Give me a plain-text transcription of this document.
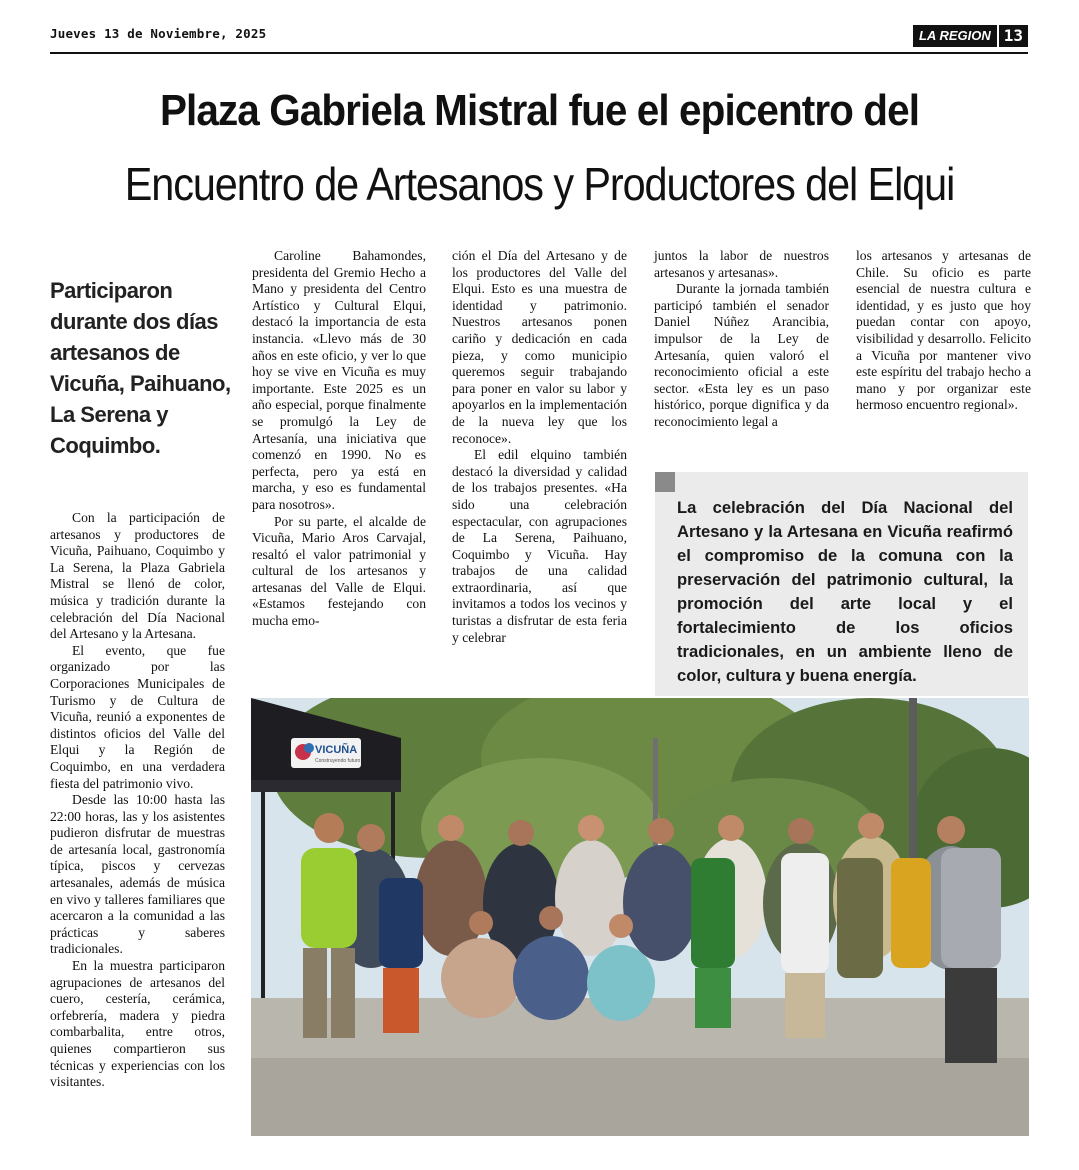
Jueves 13 de Noviembre, 2025	LA REGION 13
Plaza Gabriela Mistral fue el epicentro del
Encuentro de Artesanos y Productores del Elqui
Participaron durante dos días artesanos de Vicuña, Paihuano, La Serena y Coquimbo.

Con la participación de artesanos y productores de Vicuña, Paihuano, Coquimbo y La Serena, la Plaza Gabriela Mistral se llenó de color, música y tradición durante la celebración del Día Nacional del Artesano y la Artesana.

El evento, que fue organizado por las Corporaciones Municipales de Turismo y de Cultura de Vicuña, reunió a exponentes de distintos oficios del Valle del Elqui y la Región de Coquimbo, en una verdadera fiesta del patrimonio vivo.

Desde las 10:00 hasta las 22:00 horas, las y los asistentes pudieron disfrutar de muestras de artesanía local, gastronomía típica, piscos y cervezas artesanales, además de música en vivo y talleres familiares que acercaron a la comunidad a las prácticas y saberes tradicionales.

En la muestra participaron agrupaciones de artesanos del cuero, cestería, cerámica, orfebrería, madera y piedra combarbalita, entre otros, quienes compartieron sus técnicas y experiencias con los visitantes.

Caroline Bahamondes, presidenta del Gremio Hecho a Mano y presidenta del Centro Artístico y Cultural Elqui, destacó la importancia de esta instancia. «Llevo más de 30 años en este oficio, y ver lo que hoy se vive en Vicuña es muy importante. Este 2025 es un año especial, porque finalmente se promulgó la Ley de Artesanía, una iniciativa que comenzó en 1990. No es perfecta, pero ya está en marcha, y eso es fundamental para nosotros».

Por su parte, el alcalde de Vicuña, Mario Aros Carvajal, resaltó el valor patrimonial y cultural de los artesanos y artesanas del Valle de Elqui. «Estamos festejando con mucha emo-

ción el Día del Artesano y de los productores del Valle del Elqui. Esto es una muestra de identidad y patrimonio. Nuestros artesanos ponen cariño y dedicación en cada pieza, y como municipio queremos seguir trabajando para poner en valor su labor y apoyarlos en la implementación de la nueva ley que los reconoce».

El edil elquino también destacó la diversidad y calidad de los trabajos presentes. «Ha sido una celebración espectacular, con agrupaciones de La Serena, Paihuano, Coquimbo y Vicuña. Hay trabajos de una calidad extraordinaria, así que invitamos a todos los vecinos y turistas a disfrutar de esta feria y celebrar

juntos la labor de nuestros artesanos y artesanas».

Durante la jornada también participó también el senador Daniel Núñez Arancibia, impulsor de la Ley de Artesanía, quien valoró el reconocimiento oficial a este sector. «Esta ley es un paso histórico, porque dignifica y da reconocimiento legal a

los artesanos y artesanas de Chile. Su oficio es parte esencial de nuestra cultura e identidad, y es justo que hoy puedan contar con apoyo, visibilidad y desarrollo. Felicito a Vicuña por mantener vivo este espíritu del trabajo hecho a mano y por organizar este hermoso encuentro regional».

La celebración del Día Nacional del Artesano y la Artesana en Vicuña reafirmó el compromiso de la comuna con la preservación del patrimonio cultural, la promoción del arte local y el fortalecimiento de los oficios tradicionales, en un ambiente lleno de color, cultura y buena energía.
VICUÑA
Construyendo futuro
